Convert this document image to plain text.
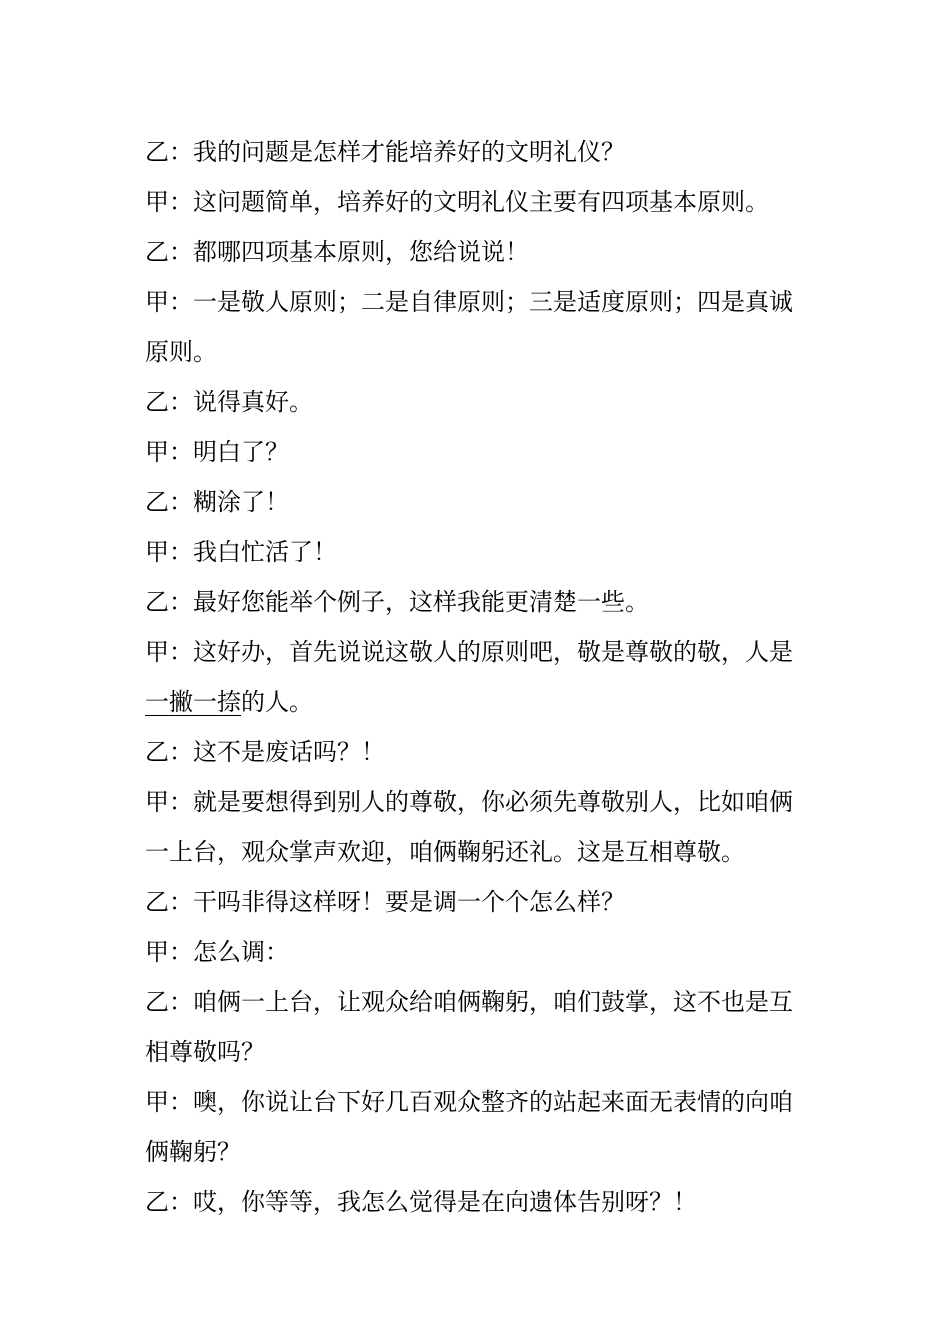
乙：我的问题是怎样才能培养好的文明礼仪？
甲：这问题简单，培养好的文明礼仪主要有四项基本原则。
乙：都哪四项基本原则，您给说说！
甲：一是敬人原则；二是自律原则；三是适度原则；四是真诚
原则。
乙：说得真好。
甲：明白了？
乙：糊涂了！
甲：我白忙活了！
乙：最好您能举个例子，这样我能更清楚一些。
甲：这好办，首先说说这敬人的原则吧，敬是尊敬的敬，人是
一撇一捺的人。
乙：这不是废话吗？！
甲：就是要想得到别人的尊敬，你必须先尊敬别人，比如咱俩
一上台，观众掌声欢迎，咱俩鞠躬还礼。这是互相尊敬。
乙：干吗非得这样呀！要是调一个个怎么样？
甲：怎么调：
乙：咱俩一上台，让观众给咱俩鞠躬，咱们鼓掌，这不也是互
相尊敬吗？
甲：噢，你说让台下好几百观众整齐的站起来面无表情的向咱
俩鞠躬？
乙：哎，你等等，我怎么觉得是在向遗体告别呀？！
